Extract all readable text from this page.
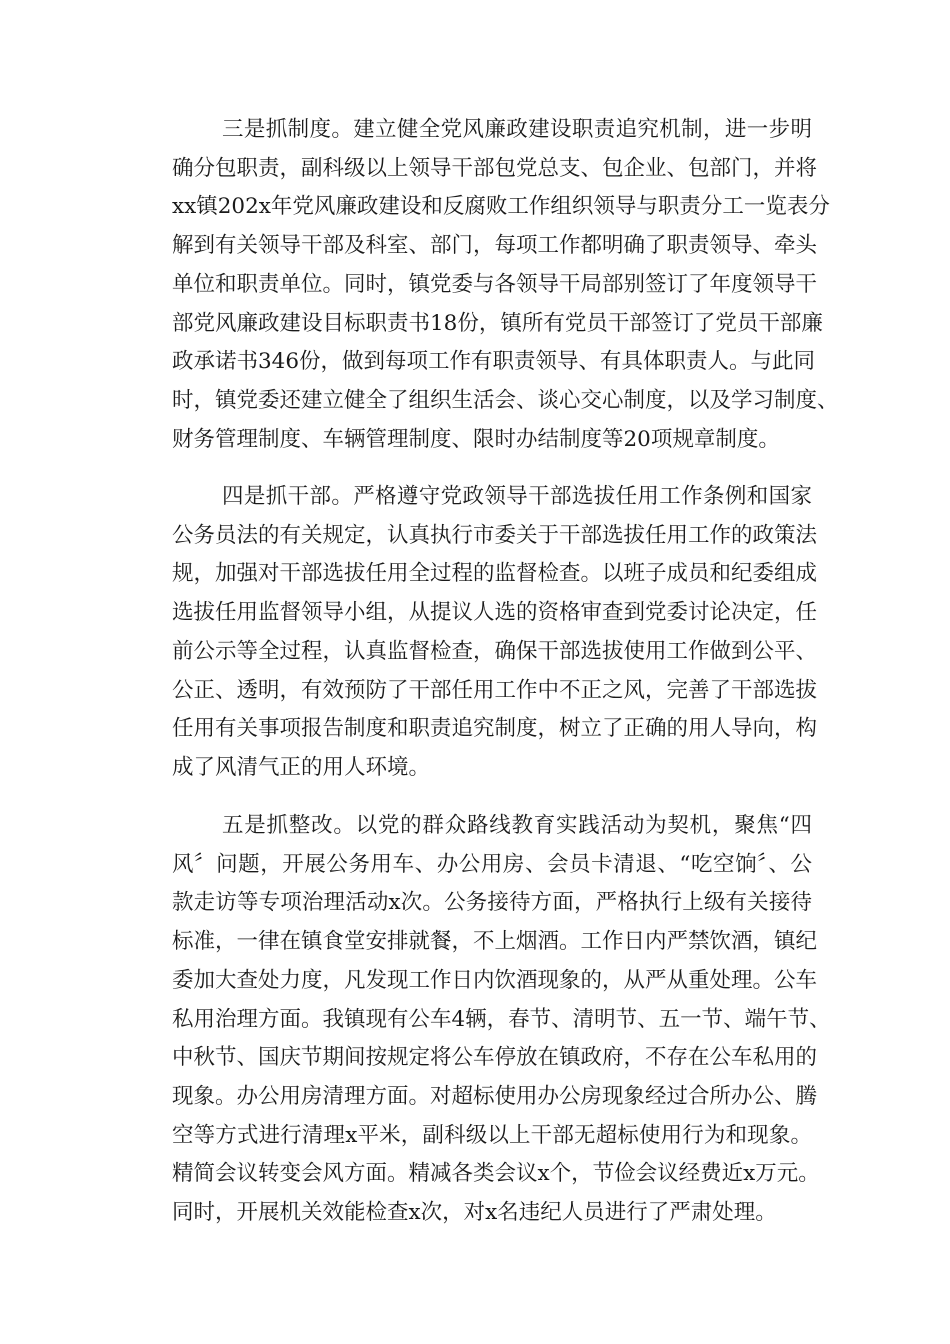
三是抓制度。建立健全党风廉政建设职责追究机制，进一步明
确分包职责，副科级以上领导干部包党总支、包企业、包部门，并将
xx镇202x年党风廉政建设和反腐败工作组织领导与职责分工一览表分
解到有关领导干部及科室、部门，每项工作都明确了职责领导、牵头
单位和职责单位。同时，镇党委与各领导干局部别签订了年度领导干
部党风廉政建设目标职责书18份，镇所有党员干部签订了党员干部廉
政承诺书346份，做到每项工作有职责领导、有具体职责人。与此同
时，镇党委还建立健全了组织生活会、谈心交心制度，以及学习制度、
财务管理制度、车辆管理制度、限时办结制度等20项规章制度。

四是抓干部。严格遵守党政领导干部选拔任用工作条例和国家
公务员法的有关规定，认真执行市委关于干部选拔任用工作的政策法
规，加强对干部选拔任用全过程的监督检查。以班子成员和纪委组成
选拔任用监督领导小组，从提议人选的资格审查到党委讨论决定，任
前公示等全过程，认真监督检查，确保干部选拔使用工作做到公平、
公正、透明，有效预防了干部任用工作中不正之风，完善了干部选拔
任用有关事项报告制度和职责追究制度，树立了正确的用人导向，构
成了风清气正的用人环境。

五是抓整改。以党的群众路线教育实践活动为契机，聚焦“四
风〞问题，开展公务用车、办公用房、会员卡清退、“吃空饷〞、公
款走访等专项治理活动x次。公务接待方面，严格执行上级有关接待
标准，一律在镇食堂安排就餐，不上烟酒。工作日内严禁饮酒，镇纪
委加大查处力度，凡发现工作日内饮酒现象的，从严从重处理。公车
私用治理方面。我镇现有公车4辆，春节、清明节、五一节、端午节、
中秋节、国庆节期间按规定将公车停放在镇政府，不存在公车私用的
现象。办公用房清理方面。对超标使用办公房现象经过合所办公、腾
空等方式进行清理x平米，副科级以上干部无超标使用行为和现象。
精简会议转变会风方面。精减各类会议x个，节俭会议经费近x万元。
同时，开展机关效能检查x次，对x名违纪人员进行了严肃处理。
